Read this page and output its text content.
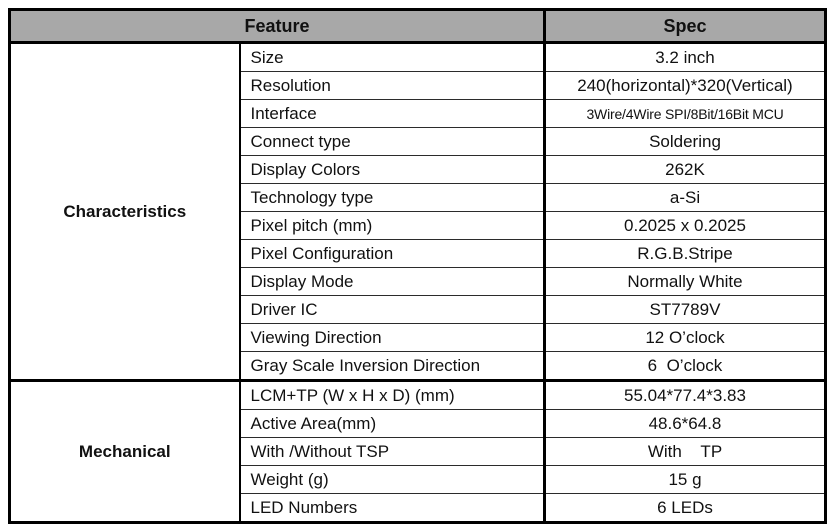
Feature		Spec
Characteristics	Size	3.2 inch
	Resolution	240(horizontal)*320(Vertical)
	Interface	3Wire/4Wire SPI/8Bit/16Bit MCU
	Connect type	Soldering
	Display Colors	262K
	Technology type	a-Si
	Pixel pitch (mm)	0.2025 x 0.2025
	Pixel Configuration	R.G.B.Stripe
	Display Mode	Normally White
	Driver IC	ST7789V
	Viewing Direction	12 O’clock
	Gray Scale Inversion Direction	6  O’clock
Mechanical	LCM+TP (W x H x D) (mm)	55.04*77.4*3.83
	Active Area(mm)	48.6*64.8
	With /Without TSP	With    TP
	Weight (g)	15 g
	LED Numbers	6 LEDs
